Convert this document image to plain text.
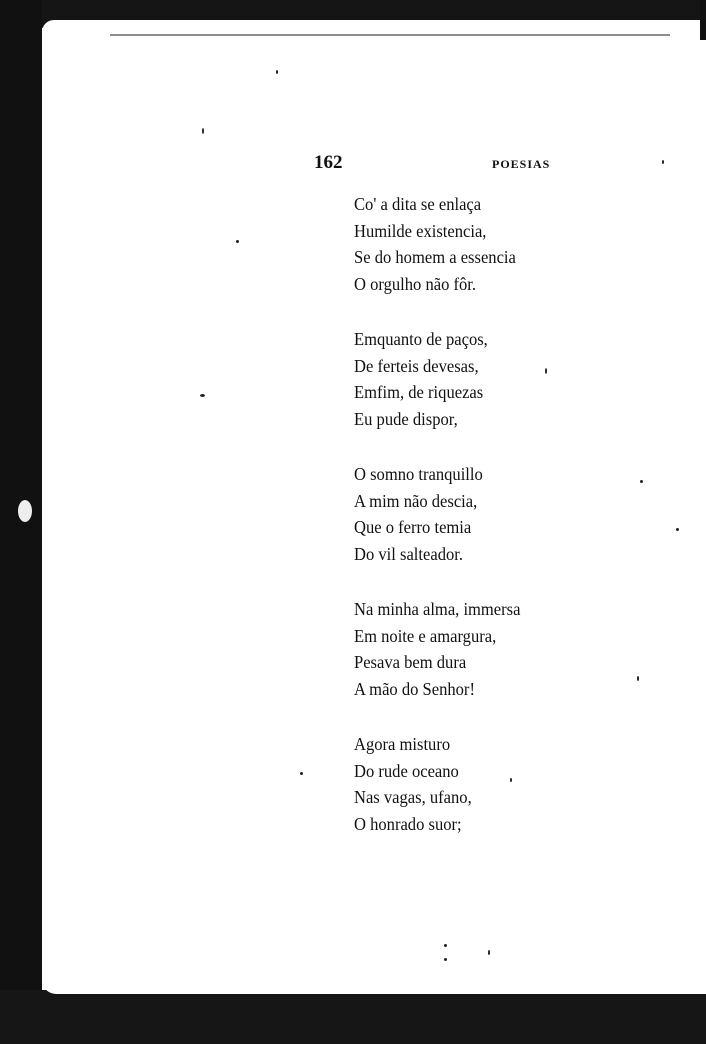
162	POESIAS
Co' a dita se enlaça
Humilde existencia,
Se do homem a essencia
O orgulho não fôr.
Emquanto de paços,
De ferteis devesas,
Emfim, de riquezas
Eu pude dispor,
O somno tranquillo
A mim não descia,
Que o ferro temia
Do vil salteador.
Na minha alma, immersa
Em noite e amargura,
Pesava bem dura
A mão do Senhor!
Agora misturo
Do rude oceano
Nas vagas, ufano,
O honrado suor;
